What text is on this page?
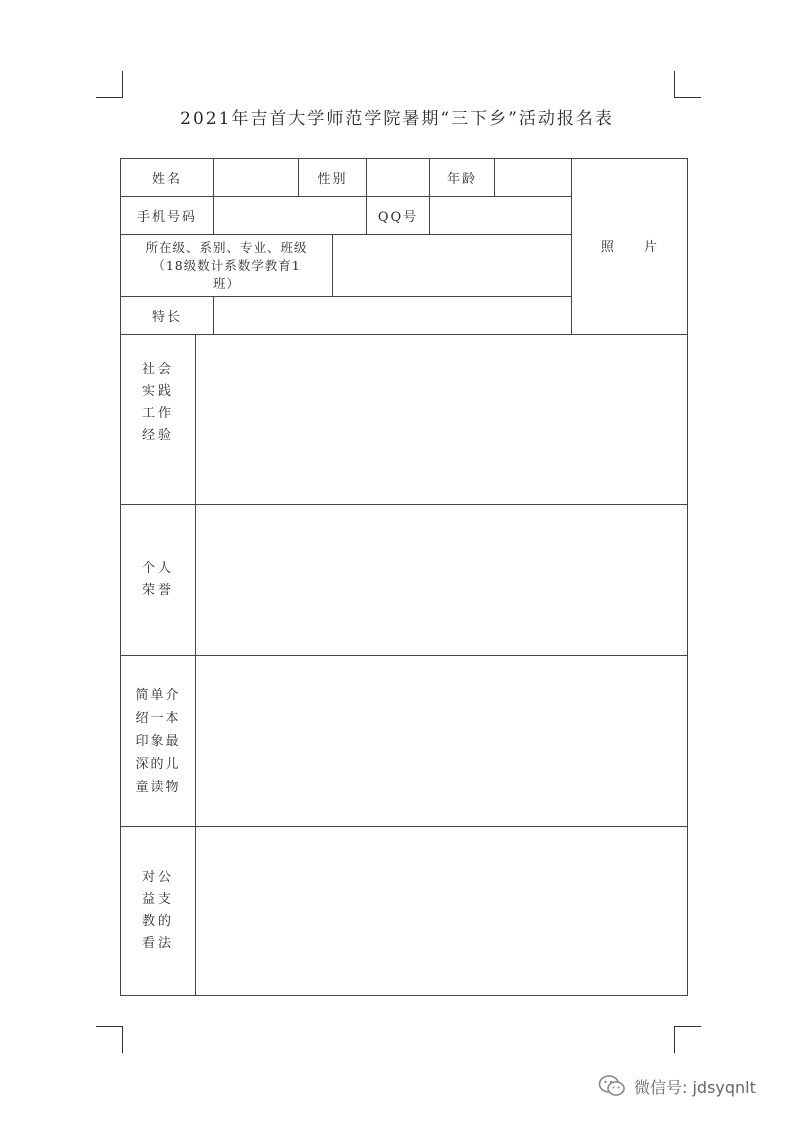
2021年吉首大学师范学院暑期“三下乡”活动报名表
姓名	性别	年龄
照 片
手机号码	QQ号
所在级、系别、专业、班级
（18级数计系数学教育1
班）
特长
社会实践工作经验
个人荣誉
简单介绍一本印象最深的儿童读物
对公益支教的看法
微信号: jdsyqnlt
